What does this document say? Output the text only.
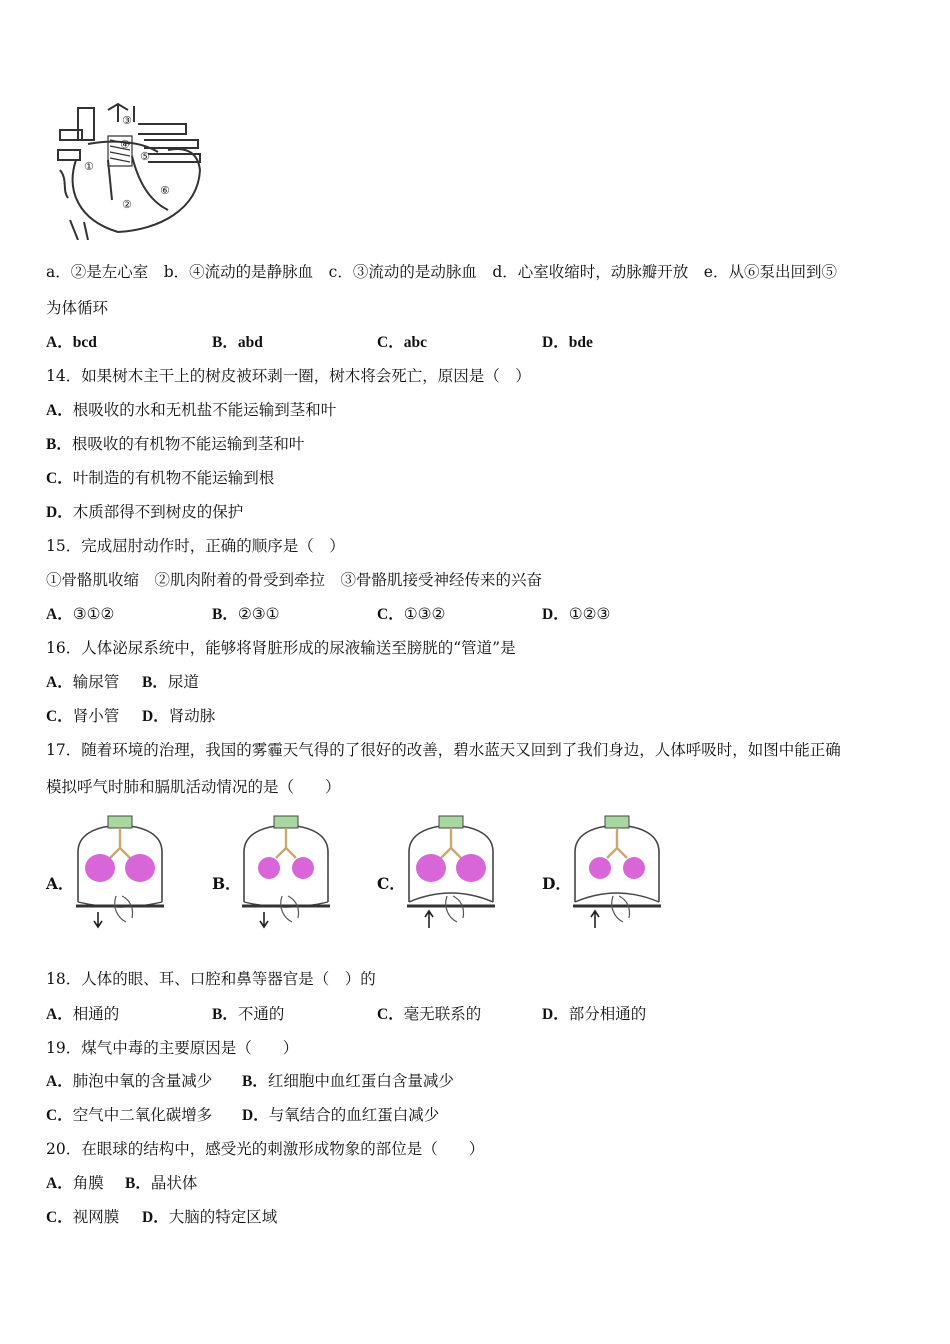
①
②
③
④
⑤
⑥
a．②是左心室　b．④流动的是静脉血　c．③流动的是动脉血　d．心室收缩时，动脉瓣开放　e．从⑥泵出回到⑤
为体循环
A．bcd	B．abd	C．abc	D．bde
14．如果树木主干上的树皮被环剥一圈，树木将会死亡，原因是（　）
A．根吸收的水和无机盐不能运输到茎和叶
B．根吸收的有机物不能运输到茎和叶
C．叶制造的有机物不能运输到根
D．木质部得不到树皮的保护
15．完成屈肘动作时，正确的顺序是（　）
①骨骼肌收缩　②肌肉附着的骨受到牵拉　③骨骼肌接受神经传来的兴奋
A．③①②	B．②③①	C．①③②	D．①②③
16．人体泌尿系统中，能够将肾脏形成的尿液输送至膀胱的“管道”是
A．输尿管 B．尿道
C．肾小管 D．肾动脉
17．随着环境的治理，我国的雾霾天气得的了很好的改善，碧水蓝天又回到了我们身边，人体呼吸时，如图中能正确
模拟呼气时肺和膈肌活动情况的是（　　）
A．	B．	C．	D．
18．人体的眼、耳、口腔和鼻等器官是（　）的
A．相通的	B．不通的	C．毫无联系的	D．部分相通的
19．煤气中毒的主要原因是（　　）
A．肺泡中氧的含量减少 B．红细胞中血红蛋白含量减少
C．空气中二氧化碳增多 D．与氧结合的血红蛋白减少
20．在眼球的结构中，感受光的刺激形成物象的部位是（　　）
A．角膜 B．晶状体
C．视网膜 D．大脑的特定区域
